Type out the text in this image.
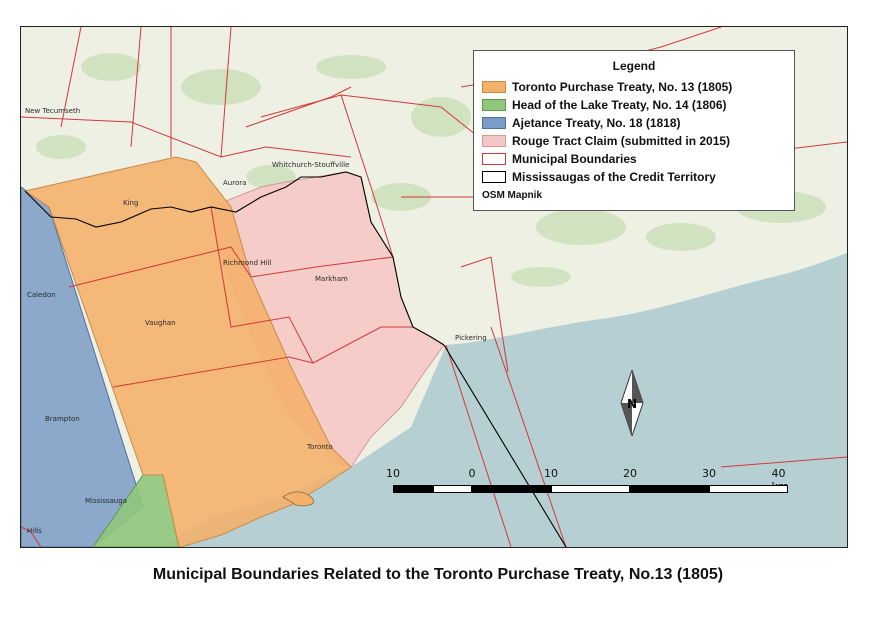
New Tecumseth
Whitchurch-Stouffville
Aurora
King
Richmond Hill
Markham
Caledon
Vaughan
Pickering
Brampton
Toronto
Mississauga
Hills
Legend
Toronto Purchase Treaty, No. 13 (1805)
Head of the Lake Treaty, No. 14 (1806)
Ajetance Treaty, No. 18 (1818)
Rouge Tract Claim (submitted in 2015)
Municipal Boundaries
Mississaugas of the Credit Territory
OSM Mapnik
N
10	0	10	20	30	40
Municipal Boundaries Related to the Toronto Purchase Treaty, No.13 (1805)
